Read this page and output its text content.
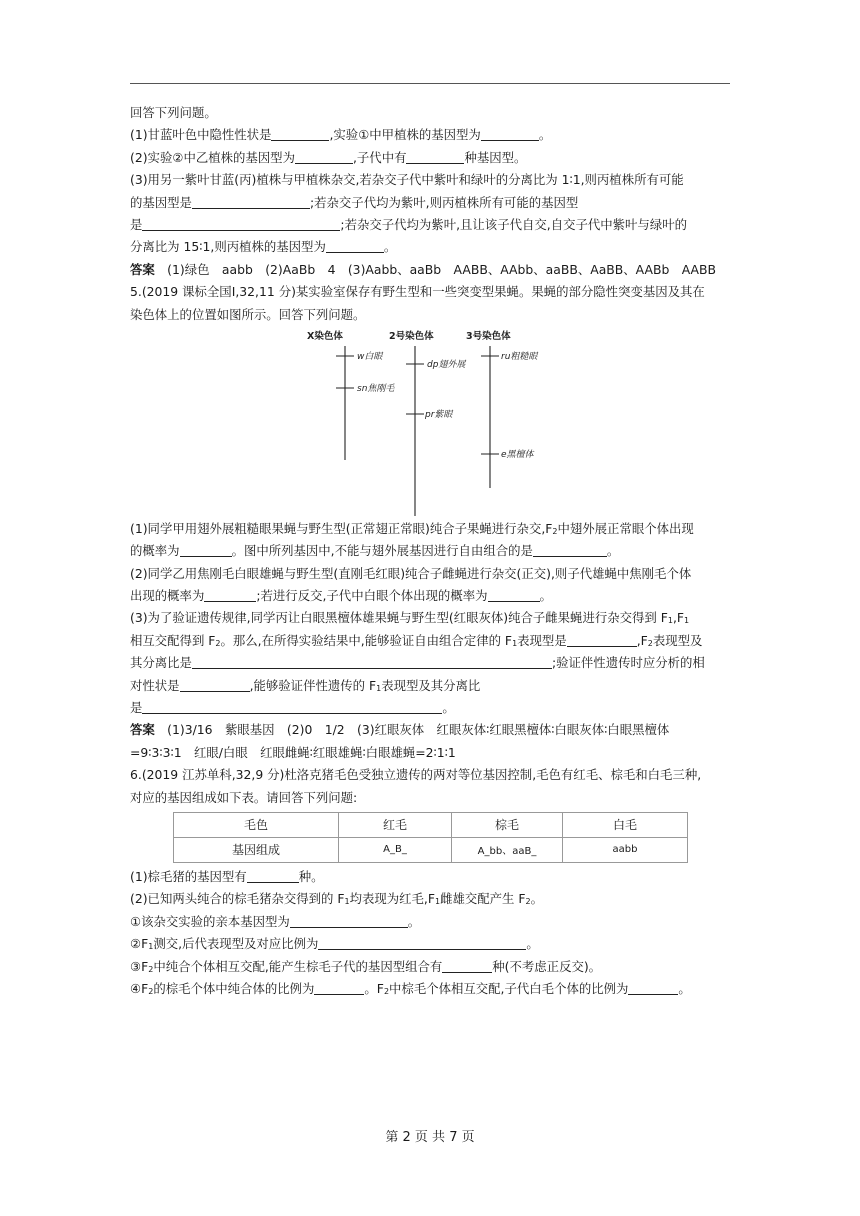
回答下列问题。
(1)甘蓝叶色中隐性性状是	,实验①中甲植株的基因型为	。
(2)实验②中乙植株的基因型为	,子代中有	种基因型。
(3)用另一紫叶甘蓝(丙)植株与甲植株杂交,若杂交子代中紫叶和绿叶的分离比为 1∶1,则丙植株所有可能
的基因型是	;若杂交子代均为紫叶,则丙植株所有可能的基因型
是	;若杂交子代均为紫叶,且让该子代自交,自交子代中紫叶与绿叶的
分离比为 15∶1,则丙植株的基因型为	。
答案　 (1)绿色　aabb　(2)AaBb　4　(3)Aabb、aaBb　AABB、AAbb、aaBB、AaBB、AABb　AABB
5.(2019 课标全国Ⅰ,32,11 分)某实验室保存有野生型和一些突变型果蝇。果蝇的部分隐性突变基因及其在
染色体上的位置如图所示。回答下列问题。
X染色体	2号染色体	3号染色体
w白眼
sn焦刚毛
dp翅外展
pr紫眼
ru粗糙眼
e黑檀体
(1)同学甲用翅外展粗糙眼果蝇与野生型(正常翅正常眼)纯合子果蝇进行杂交,F2中翅外展正常眼个体出现
的概率为	。图中所列基因中,不能与翅外展基因进行自由组合的是	。
(2)同学乙用焦刚毛白眼雄蝇与野生型(直刚毛红眼)纯合子雌蝇进行杂交(正交),则子代雄蝇中焦刚毛个体
出现的概率为	;若进行反交,子代中白眼个体出现的概率为	。
(3)为了验证遗传规律,同学丙让白眼黑檀体雄果蝇与野生型(红眼灰体)纯合子雌果蝇进行杂交得到 F1,F1
相互交配得到 F2。那么,在所得实验结果中,能够验证自由组合定律的 F1表现型是	,F2表现型及
其分离比是	;验证伴性遗传时应分析的相
对性状是	,能够验证伴性遗传的 F1表现型及其分离比
是	。
答案　 (1)3/16　紫眼基因　(2)0　1/2　(3)红眼灰体　红眼灰体∶红眼黑檀体∶白眼灰体∶白眼黑檀体
=9∶3∶3∶1　红眼/白眼　红眼雌蝇∶红眼雄蝇∶白眼雄蝇=2∶1∶1
6.(2019 江苏单科,32,9 分)杜洛克猪毛色受独立遗传的两对等位基因控制,毛色有红毛、棕毛和白毛三种,
对应的基因组成如下表。请回答下列问题:
毛色	红毛	棕毛	白毛
基因组成	A_B_	A_bb、aaB_	aabb
(1)棕毛猪的基因型有	种。
(2)已知两头纯合的棕毛猪杂交得到的 F1均表现为红毛,F1雌雄交配产生 F2。
①该杂交实验的亲本基因型为	。
②F1测交,后代表现型及对应比例为	。
③F2中纯合个体相互交配,能产生棕毛子代的基因型组合有	种(不考虑正反交)。
④F2的棕毛个体中纯合体的比例为	。F2中棕毛个体相互交配,子代白毛个体的比例为	。
第 2 页 共 7 页
